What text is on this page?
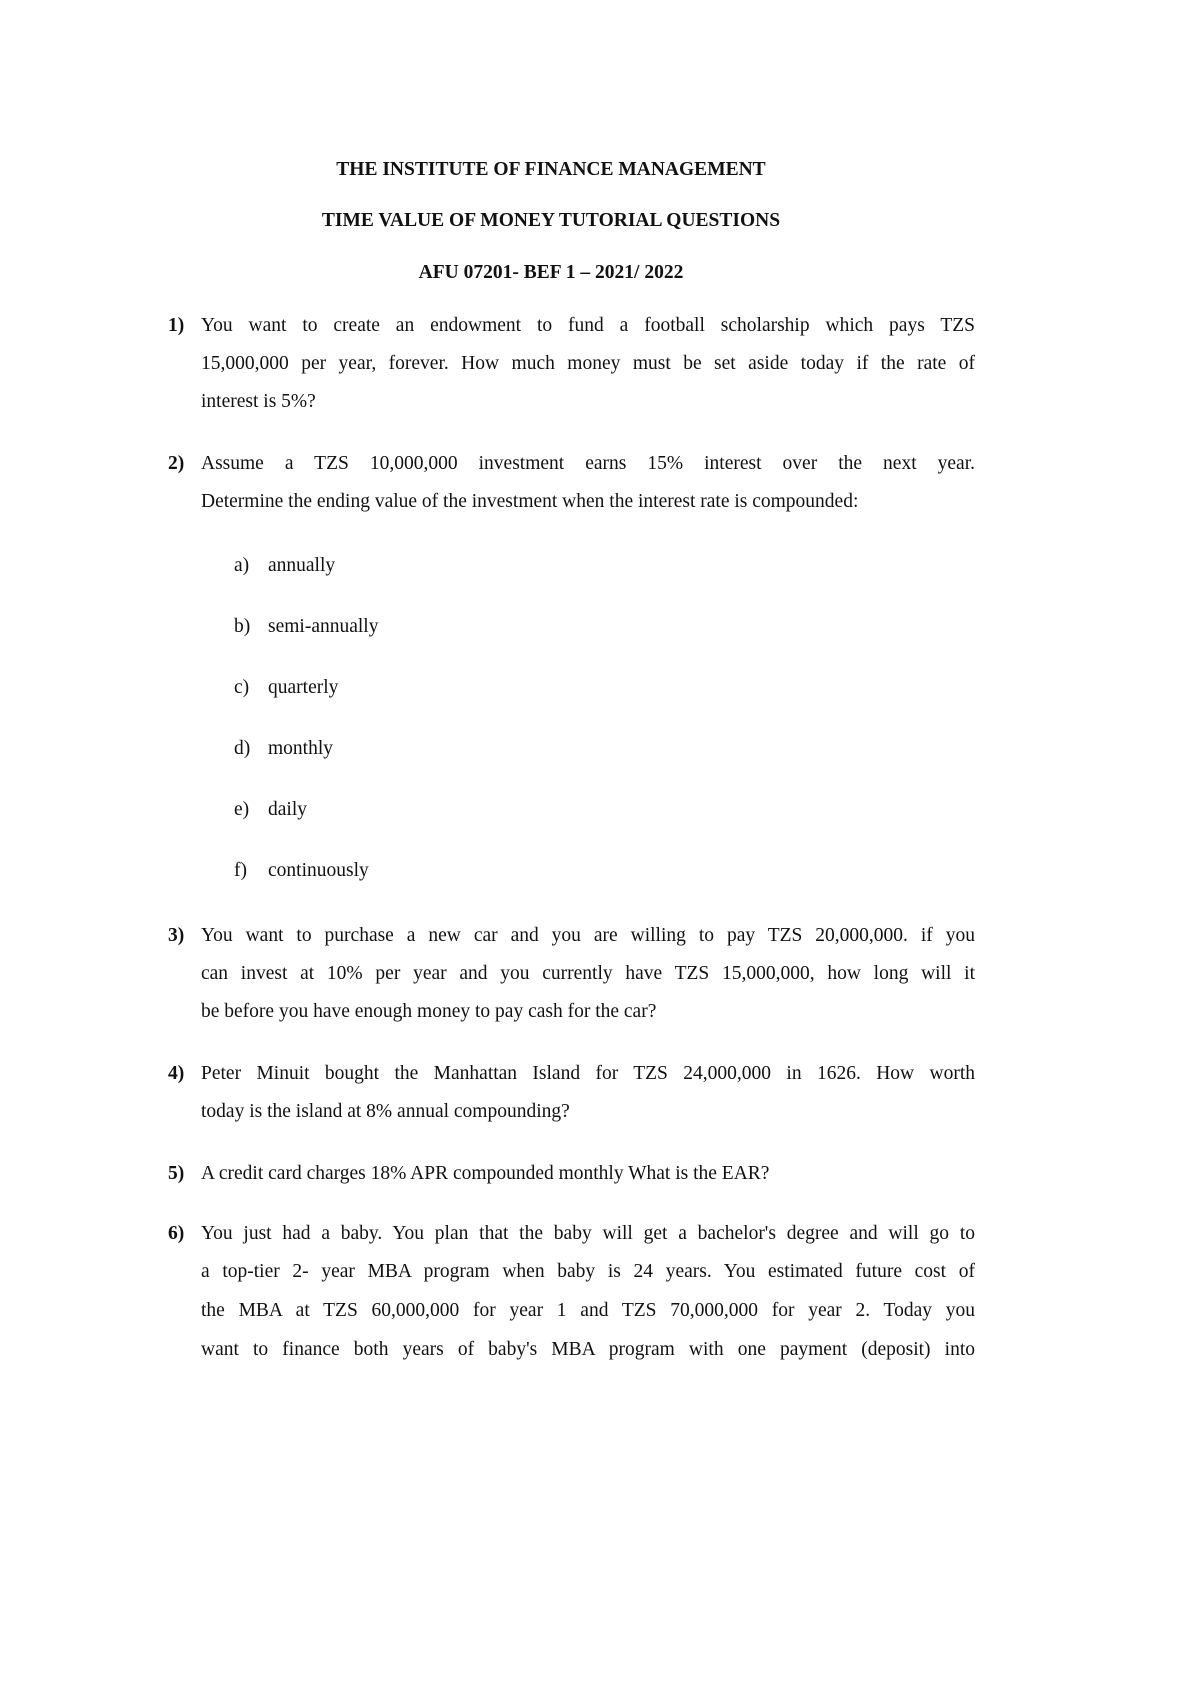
THE INSTITUTE OF FINANCE MANAGEMENT
TIME VALUE OF MONEY TUTORIAL QUESTIONS
AFU 07201- BEF 1 – 2021/ 2022
1) You want to create an endowment to fund a football scholarship which pays TZS
15,000,000 per year, forever. How much money must be set aside today if the rate of
interest is 5%?
2) Assume a TZS 10,000,000 investment earns 15% interest over the next year.
Determine the ending value of the investment when the interest rate is compounded:
a) annually
b) semi-annually
c) quarterly
d) monthly
e) daily
f) continuously
3) You want to purchase a new car and you are willing to pay TZS 20,000,000. if you
can invest at 10% per year and you currently have TZS 15,000,000, how long will it
be before you have enough money to pay cash for the car?
4) Peter Minuit bought the Manhattan Island for TZS 24,000,000 in 1626. How worth
today is the island at 8% annual compounding?
5) A credit card charges 18% APR compounded monthly What is the EAR?
6) You just had a baby. You plan that the baby will get a bachelor's degree and will go to
a top-tier 2- year MBA program when baby is 24 years. You estimated future cost of
the MBA at TZS 60,000,000 for year 1 and TZS 70,000,000 for year 2. Today you
want to finance both years of baby's MBA program with one payment (deposit) into
